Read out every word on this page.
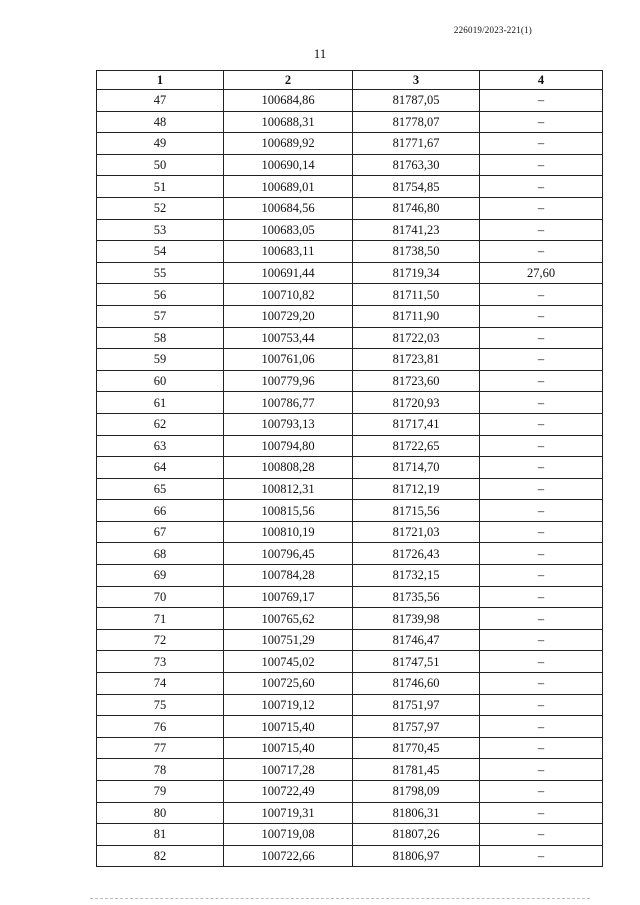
226019/2023-221(1)
11
1	2	3	4
47	100684,86	81787,05	–
48	100688,31	81778,07	–
49	100689,92	81771,67	–
50	100690,14	81763,30	–
51	100689,01	81754,85	–
52	100684,56	81746,80	–
53	100683,05	81741,23	–
54	100683,11	81738,50	–
55	100691,44	81719,34	27,60
56	100710,82	81711,50	–
57	100729,20	81711,90	–
58	100753,44	81722,03	–
59	100761,06	81723,81	–
60	100779,96	81723,60	–
61	100786,77	81720,93	–
62	100793,13	81717,41	–
63	100794,80	81722,65	–
64	100808,28	81714,70	–
65	100812,31	81712,19	–
66	100815,56	81715,56	–
67	100810,19	81721,03	–
68	100796,45	81726,43	–
69	100784,28	81732,15	–
70	100769,17	81735,56	–
71	100765,62	81739,98	–
72	100751,29	81746,47	–
73	100745,02	81747,51	–
74	100725,60	81746,60	–
75	100719,12	81751,97	–
76	100715,40	81757,97	–
77	100715,40	81770,45	–
78	100717,28	81781,45	–
79	100722,49	81798,09	–
80	100719,31	81806,31	–
81	100719,08	81807,26	–
82	100722,66	81806,97	–
